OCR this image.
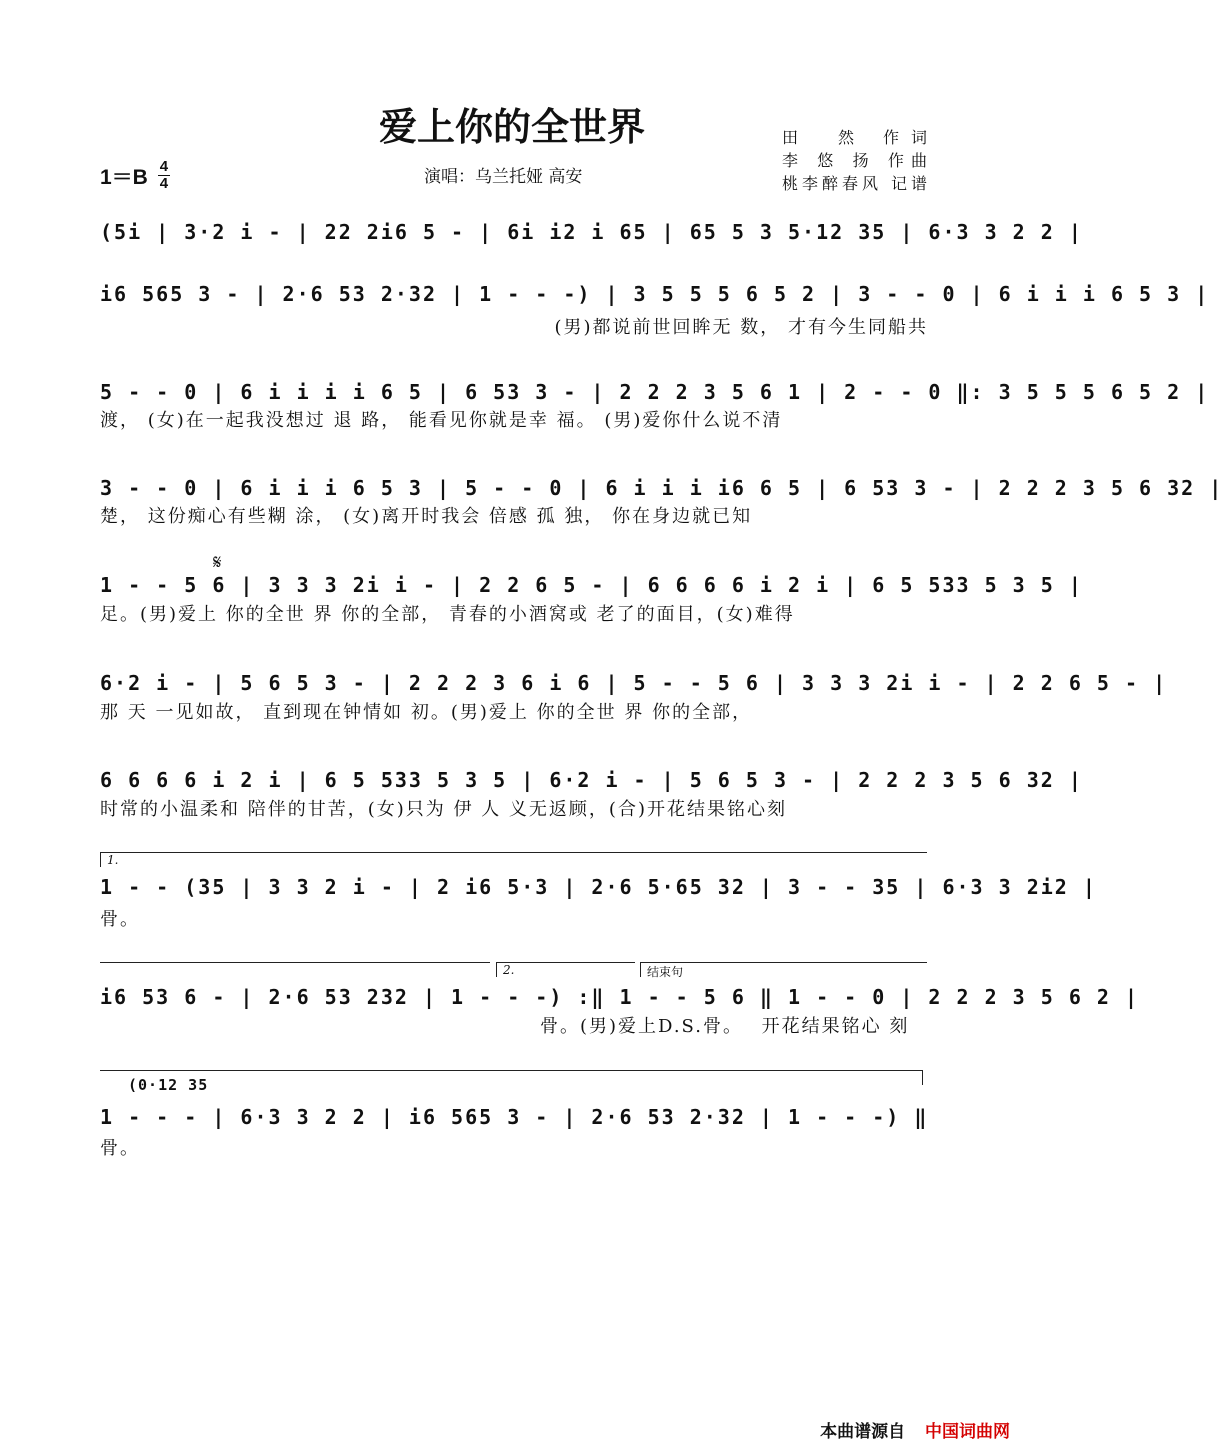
爱上你的全世界
1＝B 4
4	演唱：乌兰托娅 高安
田　然 作词
李 悠 扬 作曲
桃李醉春风 记谱
𝄋
(5i | 3·2 i - | 22 2i6 5 - | 6i i2 i 65 | 65 5 3 5·12 35 | 6·3 3 2 2 |
i6 565 3 - | 2·6 53 2·32 | 1 - - -) | 3 5 5 5 6 5 2 | 3 - - 0 | 6 i i i 6 5 3 |
(男)都说前世回眸无 数， 才有今生同船共
5 - - 0 | 6 i i i i 6 5 | 6 53 3 - | 2 2 2 3 5 6 1 | 2 - - 0 ‖: 3 5 5 5 6 5 2 |
渡， (女)在一起我没想过 退 路， 能看见你就是幸 福。 (男)爱你什么说不清
3 - - 0 | 6 i i i 6 5 3 | 5 - - 0 | 6 i i i i6 6 5 | 6 53 3 - | 2 2 2 3 5 6 32 |
楚， 这份痴心有些糊 涂， (女)离开时我会 倍感 孤 独， 你在身边就已知
1 - - 5 6 | 3 3 3 2i i - | 2 2 6 5 - | 6 6 6 6 i 2 i | 6 5 533 5 3 5 |
足。(男)爱上 你的全世 界 你的全部， 青春的小酒窝或 老了的面目，(女)难得
6·2 i - | 5 6 5 3 - | 2 2 2 3 6 i 6 | 5 - - 5 6 | 3 3 3 2i i - | 2 2 6 5 - |
那 天 一见如故， 直到现在钟情如 初。(男)爱上 你的全世 界 你的全部，
6 6 6 6 i 2 i | 6 5 533 5 3 5 | 6·2 i - | 5 6 5 3 - | 2 2 2 3 5 6 32 |
时常的小温柔和 陪伴的甘苦，(女)只为 伊 人 义无返顾，(合)开花结果铭心刻
1.
1 - - (35 | 3 3 2 i - | 2 i6 5·3 | 2·6 5·65 32 | 3 - - 35 | 6·3 3 2i2 |
骨。
2.	结束句
i6 53 6 - | 2·6 53 232 | 1 - - -) :‖ 1 - - 5 6 ‖ 1 - - 0 | 2 2 2 3 5 6 2 |
　　　　　　　　　　　　　　　　　　　　　　骨。(男)爱上D.S.骨。　 开花结果铭心 刻
(0·12 35
1 - - - | 6·3 3 2 2 | i6 565 3 - | 2·6 53 2·32 | 1 - - -) ‖
骨。
本曲谱源自 中国词曲网
